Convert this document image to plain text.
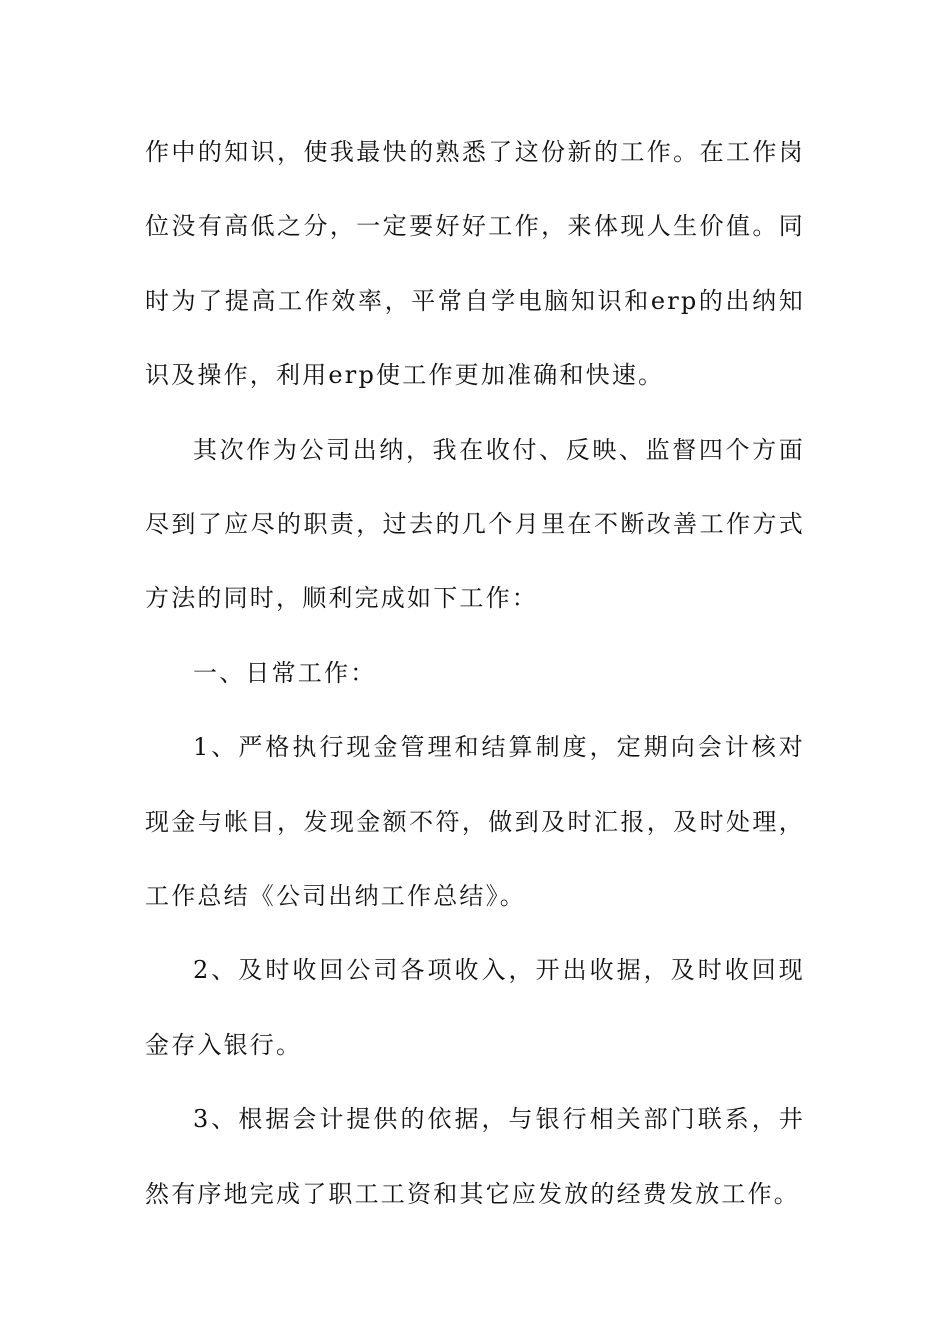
作中的知识，使我最快的熟悉了这份新的工作。在工作岗位没有高低之分，一定要好好工作，来体现人生价值。同时为了提高工作效率，平常自学电脑知识和erp的出纳知识及操作，利用erp使工作更加准确和快速。

其次作为公司出纳，我在收付、反映、监督四个方面尽到了应尽的职责，过去的几个月里在不断改善工作方式方法的同时，顺利完成如下工作：

一、日常工作：

1、严格执行现金管理和结算制度，定期向会计核对现金与帐目，发现金额不符，做到及时汇报，及时处理，工作总结《公司出纳工作总结》。

2、及时收回公司各项收入，开出收据，及时收回现金存入银行。

3、根据会计提供的依据，与银行相关部门联系，井然有序地完成了职工工资和其它应发放的经费发放工作。
